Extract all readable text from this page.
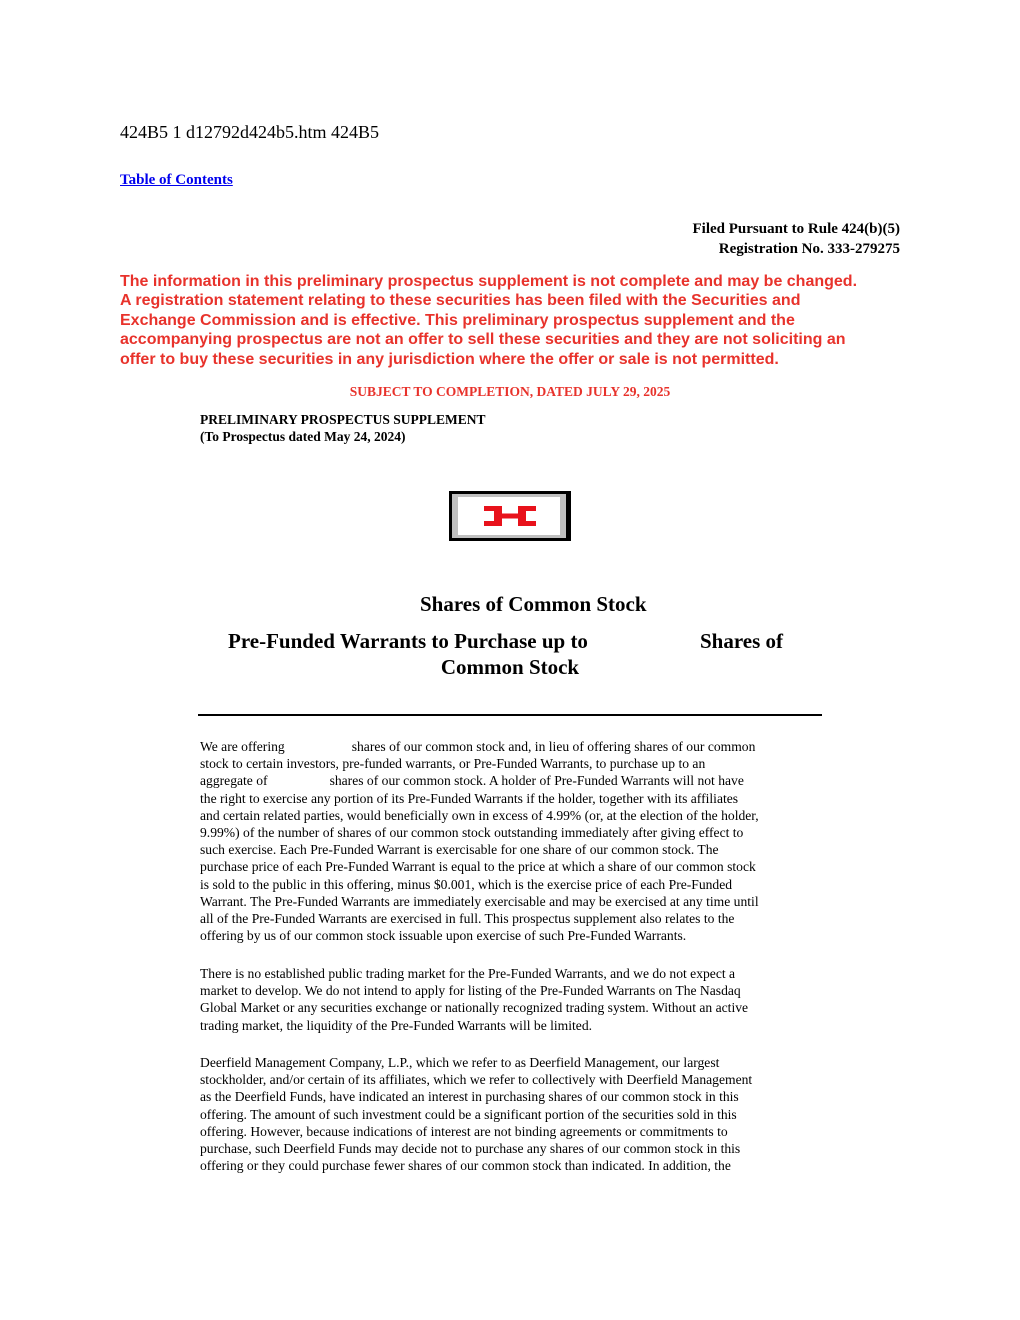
424B5 1 d12792d424b5.htm 424B5
Table of Contents
Filed Pursuant to Rule 424(b)(5)
Registration No. 333-279275
The information in this preliminary prospectus supplement is not complete and may be changed.
A registration statement relating to these securities has been filed with the Securities and
Exchange Commission and is effective. This preliminary prospectus supplement and the
accompanying prospectus are not an offer to sell these securities and they are not soliciting an
offer to buy these securities in any jurisdiction where the offer or sale is not permitted.
SUBJECT TO COMPLETION, DATED JULY 29, 2025
PRELIMINARY PROSPECTUS SUPPLEMENT
(To Prospectus dated May 24, 2024)
Shares of Common Stock
Pre-Funded Warrants to Purchase up to	Shares of
Common Stock
We are offering	shares of our common stock and, in lieu of offering shares of our common
stock to certain investors, pre-funded warrants, or Pre-Funded Warrants, to purchase up to an
aggregate of	shares of our common stock. A holder of Pre-Funded Warrants will not have
the right to exercise any portion of its Pre-Funded Warrants if the holder, together with its affiliates
and certain related parties, would beneficially own in excess of 4.99% (or, at the election of the holder,
9.99%) of the number of shares of our common stock outstanding immediately after giving effect to
such exercise. Each Pre-Funded Warrant is exercisable for one share of our common stock. The
purchase price of each Pre-Funded Warrant is equal to the price at which a share of our common stock
is sold to the public in this offering, minus $0.001, which is the exercise price of each Pre-Funded
Warrant. The Pre-Funded Warrants are immediately exercisable and may be exercised at any time until
all of the Pre-Funded Warrants are exercised in full. This prospectus supplement also relates to the
offering by us of our common stock issuable upon exercise of such Pre-Funded Warrants.
There is no established public trading market for the Pre-Funded Warrants, and we do not expect a
market to develop. We do not intend to apply for listing of the Pre-Funded Warrants on The Nasdaq
Global Market or any securities exchange or nationally recognized trading system. Without an active
trading market, the liquidity of the Pre-Funded Warrants will be limited.
Deerfield Management Company, L.P., which we refer to as Deerfield Management, our largest
stockholder, and/or certain of its affiliates, which we refer to collectively with Deerfield Management
as the Deerfield Funds, have indicated an interest in purchasing shares of our common stock in this
offering. The amount of such investment could be a significant portion of the securities sold in this
offering. However, because indications of interest are not binding agreements or commitments to
purchase, such Deerfield Funds may decide not to purchase any shares of our common stock in this
offering or they could purchase fewer shares of our common stock than indicated. In addition, the
